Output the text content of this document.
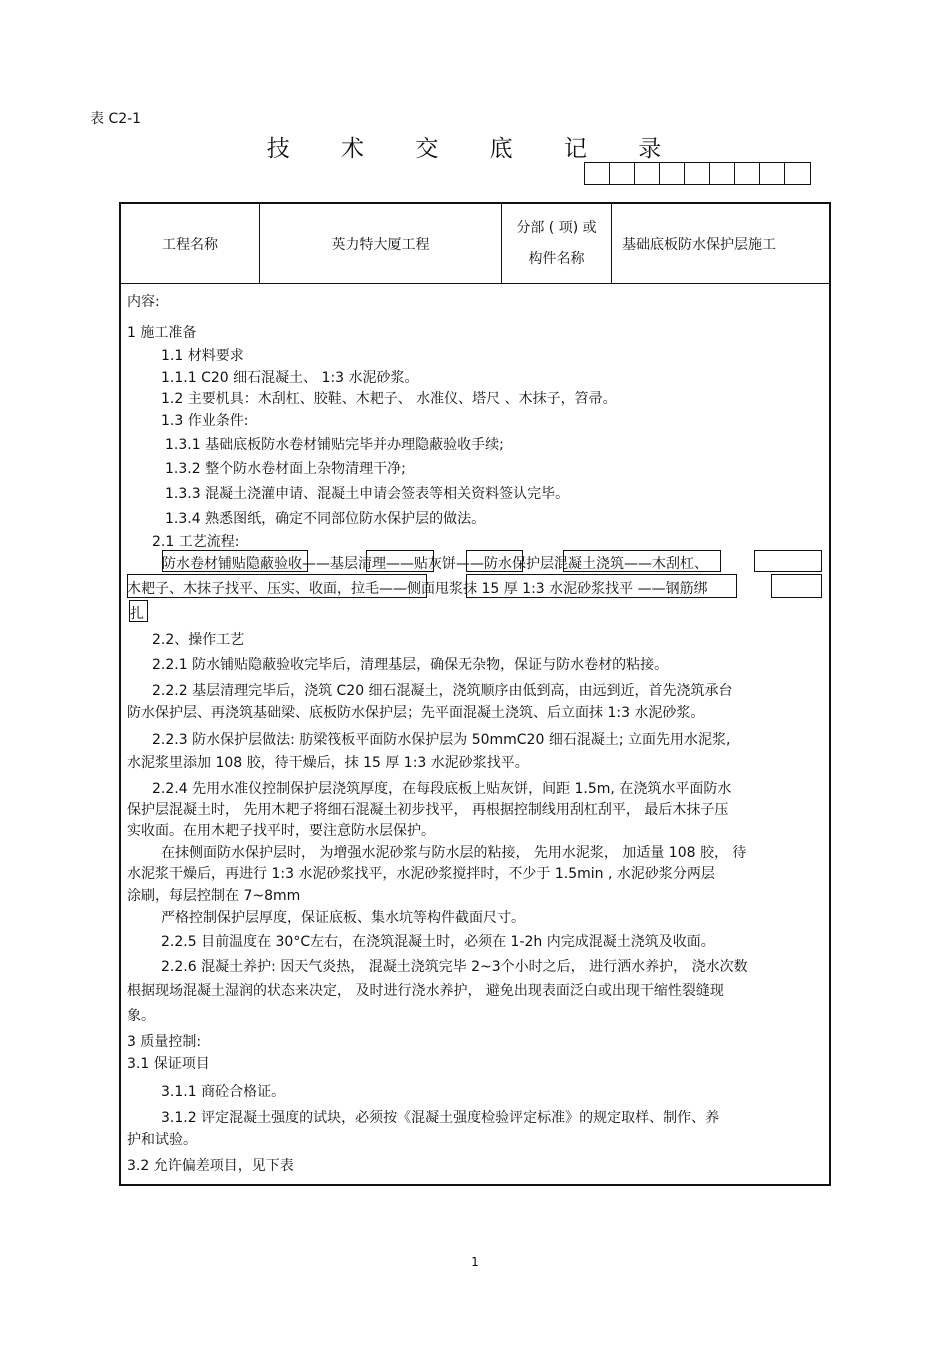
表 C2-1
技 术 交 底 记 录
工程名称	英力特大厦工程
分部 ( 项) 或
构件名称
基础底板防水保护层施工
内容:
1 施工准备
1.1 材料要求
1.1.1 C20 细石混凝土、 1:3 水泥砂浆。
1.2 主要机具：木刮杠、胶鞋、木耙子、 水准仪、塔尺 、木抹子，笤帚。
1.3 作业条件:
1.3.1 基础底板防水卷材铺贴完毕并办理隐蔽验收手续;
1.3.2 整个防水卷材面上杂物清理干净;
1.3.3 混凝土浇灌申请、混凝土申请会签表等相关资料签认完毕。
1.3.4 熟悉图纸，确定不同部位防水保护层的做法。
2.1 工艺流程:
防水卷材铺贴隐蔽验收——基层清理——贴灰饼——防水保护层混凝土浇筑——木刮杠、
木耙子、木抹子找平、压实、收面，拉毛——侧面甩浆抹 15 厚 1:3 水泥砂浆找平 ——钢筋绑
扎
2.2、操作工艺
2.2.1 防水铺贴隐蔽验收完毕后，清理基层，确保无杂物，保证与防水卷材的粘接。
2.2.2 基层清理完毕后，浇筑 C20 细石混凝土，浇筑顺序由低到高，由远到近，首先浇筑承台
防水保护层、再浇筑基础梁、底板防水保护层；先平面混凝土浇筑、后立面抹 1:3 水泥砂浆。
2.2.3 防水保护层做法: 肪梁筏板平面防水保护层为 50mmC20 细石混凝土; 立面先用水泥浆,
水泥浆里添加 108 胶，待干燥后，抹 15 厚 1:3 水泥砂浆找平。
2.2.4 先用水准仪控制保护层浇筑厚度，在每段底板上贴灰饼，间距 1.5m, 在浇筑水平面防水
保护层混凝土时， 先用木耙子将细石混凝土初步找平， 再根据控制线用刮杠刮平， 最后木抹子压
实收面。在用木耙子找平时，要注意防水层保护。
在抹侧面防水保护层时， 为增强水泥砂浆与防水层的粘接， 先用水泥浆， 加适量 108 胶， 待
水泥浆干燥后，再进行 1:3 水泥砂浆找平，水泥砂浆搅拌时，不少于 1.5min , 水泥砂浆分两层
涂刷，每层控制在 7~8mm
严格控制保护层厚度，保证底板、集水坑等构件截面尺寸。
2.2.5 目前温度在 30°C左右，在浇筑混凝土时，必须在 1-2h 内完成混凝土浇筑及收面。
2.2.6 混凝土养护: 因天气炎热， 混凝土浇筑完毕 2~3个小时之后， 进行洒水养护， 浇水次数
根据现场混凝土湿润的状态来决定， 及时进行浇水养护， 避免出现表面泛白或出现干缩性裂缝现
象。
3 质量控制:
3.1 保证项目
3.1.1 商砼合格证。
3.1.2 评定混凝土强度的试块，必须按《混凝土强度检验评定标准》的规定取样、制作、养
护和试验。
3.2 允许偏差项目，见下表
1
